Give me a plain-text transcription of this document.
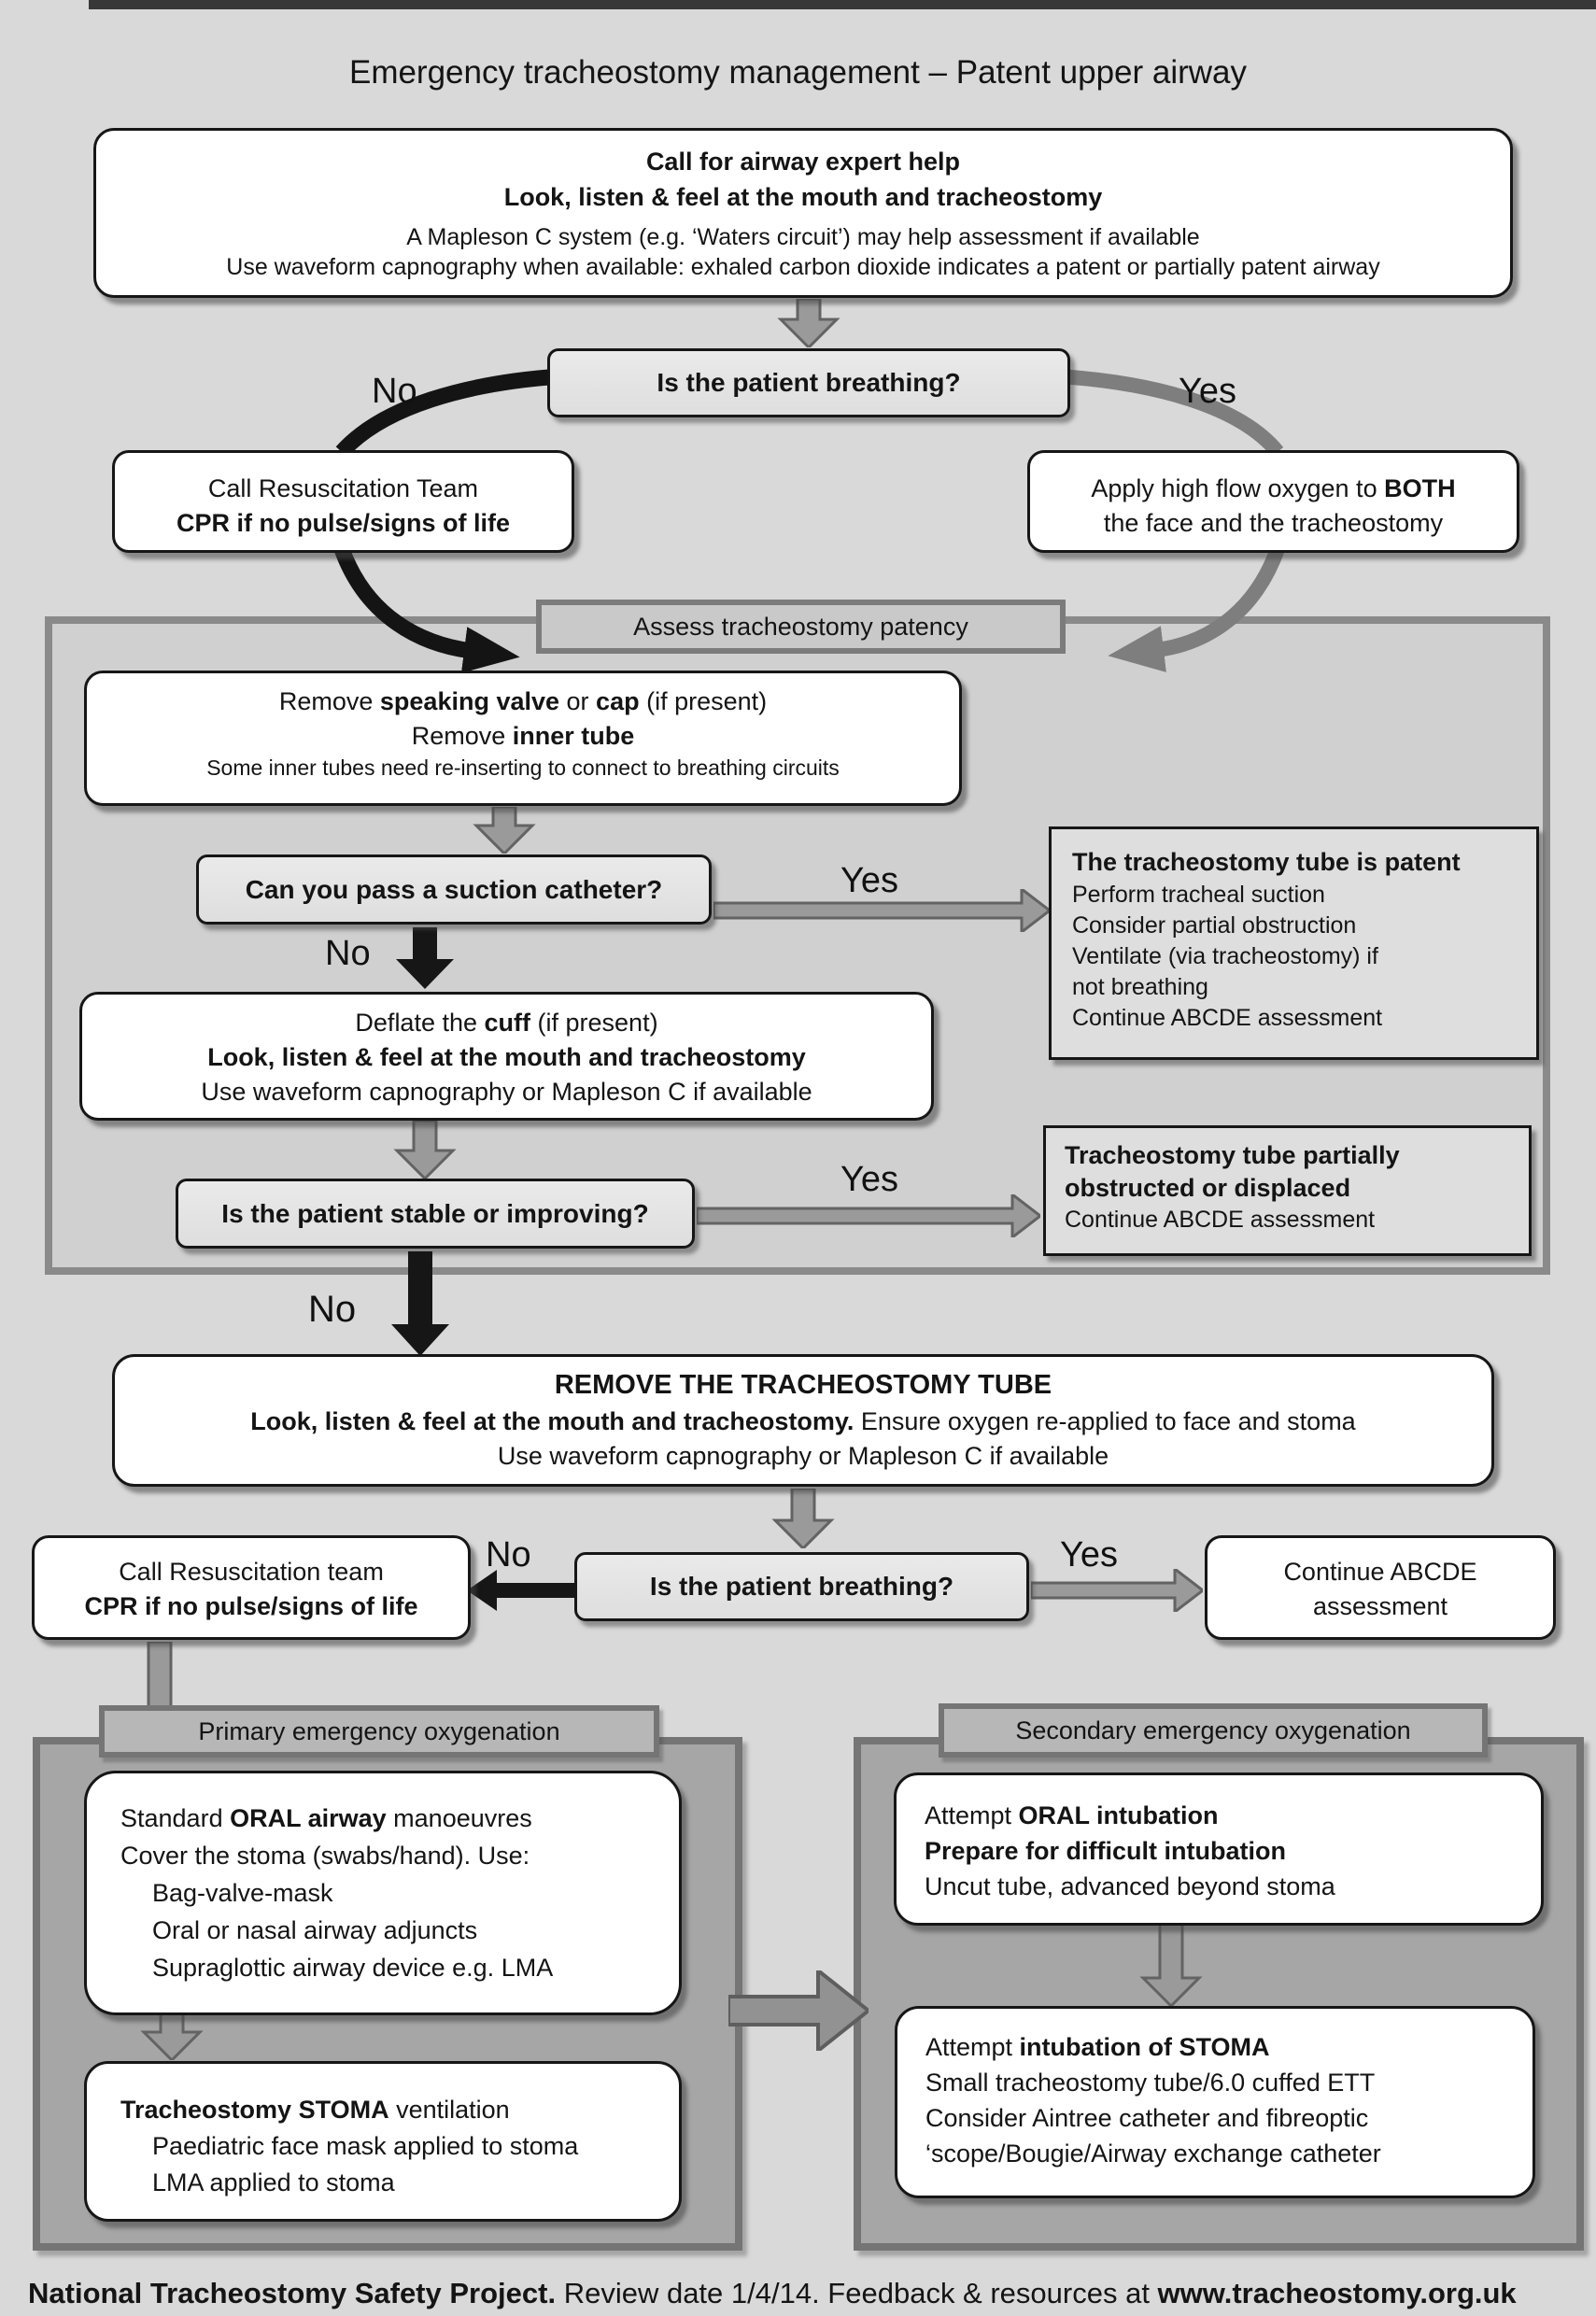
Emergency tracheostomy management – Patent upper airway

Call for airway expert help

Look, listen & feel at the mouth and tracheostomy

A Mapleson C system (e.g. ‘Waters circuit’) may help assessment if available

Use waveform capnography when available: exhaled carbon dioxide indicates a patent or partially patent airway

Is the patient breathing?
No	Yes

Call Resuscitation Team

CPR if no pulse/signs of life

Apply high flow oxygen to BOTH

the face and the tracheostomy

Assess tracheostomy patency

Remove speaking valve or cap (if present)

Remove inner tube

Some inner tubes need re-inserting to connect to breathing circuits

Can you pass a suction catheter?	Yes
No

The tracheostomy tube is patent

Perform tracheal suction

Consider partial obstruction

Ventilate (via tracheostomy) if

not breathing

Continue ABCDE assessment

Deflate the cuff (if present)

Look, listen & feel at the mouth and tracheostomy

Use waveform capnography or Mapleson C if available

Is the patient stable or improving?
Yes

Tracheostomy tube partially

obstructed or displaced

Continue ABCDE assessment

No

REMOVE THE TRACHEOSTOMY TUBE

Look, listen & feel at the mouth and tracheostomy. Ensure oxygen re-applied to face and stoma

Use waveform capnography or Mapleson C if available

Call Resuscitation team

CPR if no pulse/signs of life

No
Is the patient breathing?
Yes	Continue ABCDE

assessment

Primary emergency oxygenation

Standard ORAL airway manoeuvres

Cover the stoma (swabs/hand). Use:

Bag-valve-mask

Oral or nasal airway adjuncts

Supraglottic airway device e.g. LMA

Tracheostomy STOMA ventilation

Paediatric face mask applied to stoma

LMA applied to stoma

Secondary emergency oxygenation

Attempt ORAL intubation

Prepare for difficult intubation

Uncut tube, advanced beyond stoma

Attempt intubation of STOMA

Small tracheostomy tube/6.0 cuffed ETT

Consider Aintree catheter and fibreoptic

‘scope/Bougie/Airway exchange catheter

National Tracheostomy Safety Project. Review date 1/4/14. Feedback & resources at www.tracheostomy.org.uk
